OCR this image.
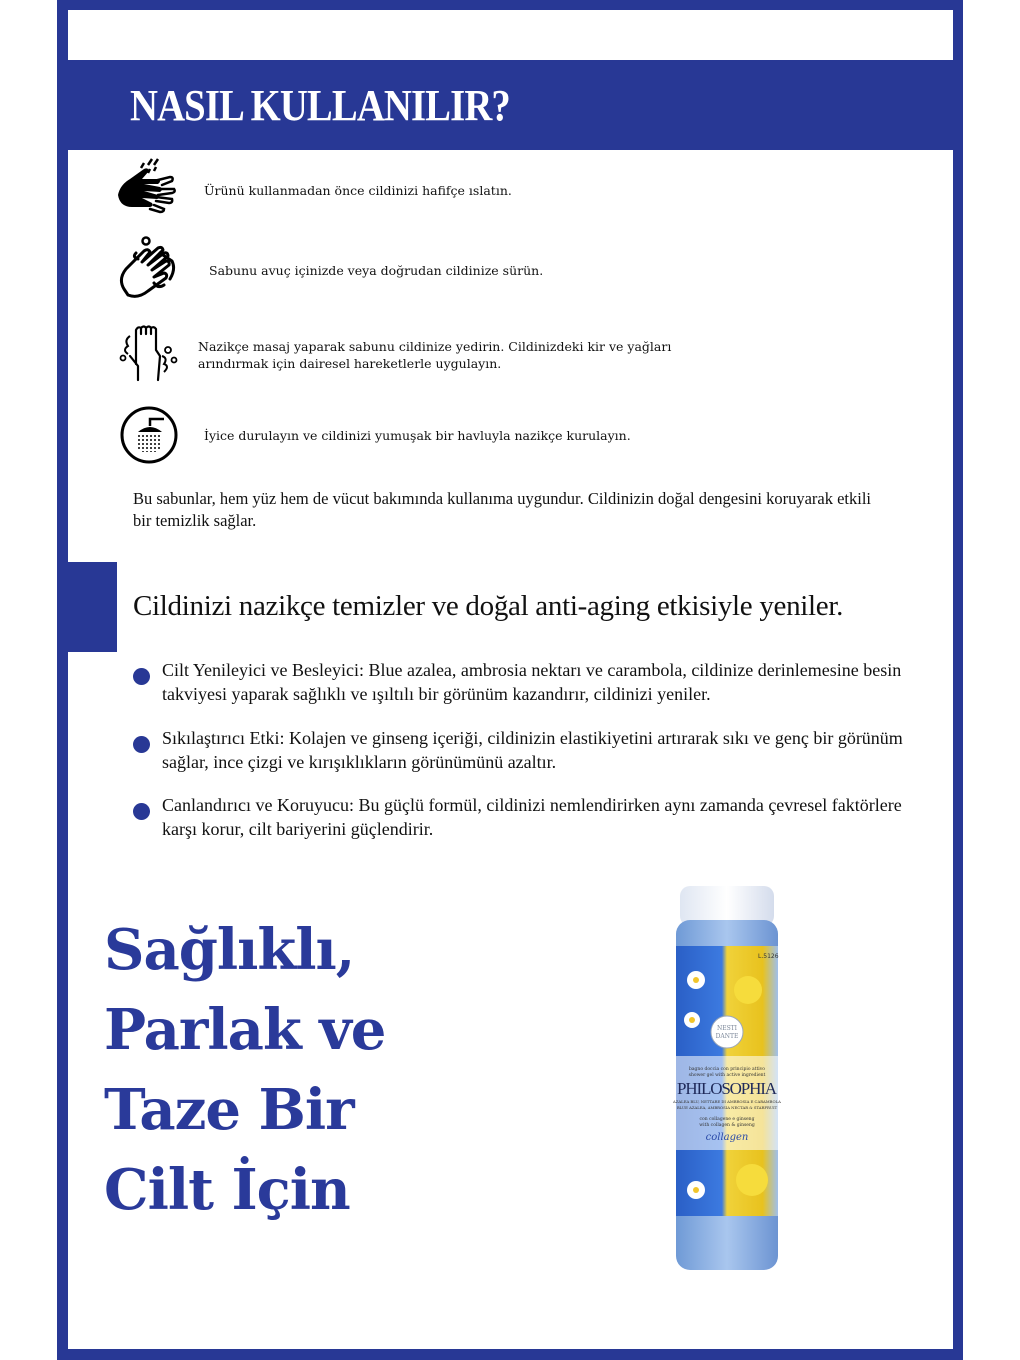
NASIL KULLANILIR?
Ürünü kullanmadan önce cildinizi hafifçe ıslatın.
Sabunu avuç içinizde veya doğrudan cildinize sürün.
Nazikçe masaj yaparak sabunu cildinize yedirin. Cildinizdeki kir ve yağları arındırmak için dairesel hareketlerle uygulayın.
İyice durulayın ve cildinizi yumuşak bir havluyla nazikçe kurulayın.
Bu sabunlar, hem yüz hem de vücut bakımında kullanıma uygundur. Cildinizin doğal dengesini koruyarak etkili bir temizlik sağlar.
Cildinizi nazikçe temizler ve doğal anti-aging etkisiyle yeniler.
Cilt Yenileyici ve Besleyici: Blue azalea, ambrosia nektarı ve carambola, cildinize derinlemesine besin takviyesi yaparak sağlıklı ve ışıltılı bir görünüm kazandırır, cildinizi yeniler.
Sıkılaştırıcı Etki: Kolajen ve ginseng içeriği, cildinizin elastikiyetini artırarak sıkı ve genç bir görünüm sağlar, ince çizgi ve kırışıklıkların görünümünü azaltır.
Canlandırıcı ve Koruyucu: Bu güçlü formül, cildinizi nemlendirirken aynı zamanda çevresel faktörlere karşı korur, cilt bariyerini güçlendirir.
Sağlıklı,
Parlak ve
Taze Bir
Cilt İçin
NESTI
DANTE
bagno doccia con principio attivo
shower gel with active ingredient
PHILOSOPHIA
AZALEA BLU, NETTARE DI AMBROSIA E CARAMBOLA
BLUE AZALEA, AMBROSIA NECTAR & STARFRUIT
con collagene e ginseng
with collagen & ginseng
collagen
L.5126
